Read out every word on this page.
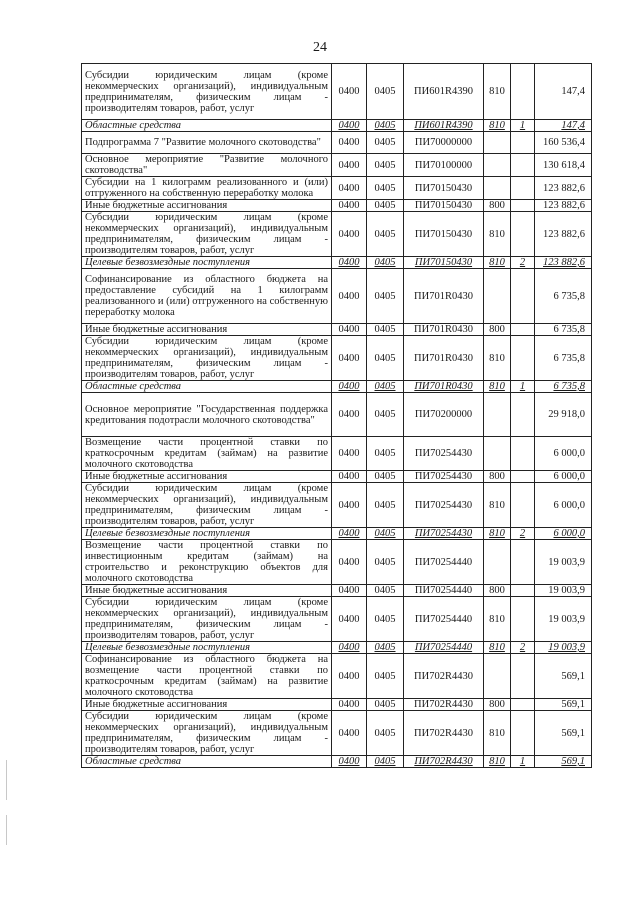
24
Субсидии юридическим лицам (кроме некоммерческих организаций), индивидуальным предпринимателям, физическим лицам - производителям товаров, работ, услуг	0400	0405	ПИ601R4390	810		147,4
Областные средства	0400	0405	ПИ601R4390	810	1	147,4
Подпрограмма 7 "Развитие молочного скотоводства"	0400	0405	ПИ70000000			160 536,4
Основное мероприятие "Развитие молочного скотоводства"	0400	0405	ПИ70100000			130 618,4
Субсидии на 1 килограмм реализованного и (или) отгруженного на собственную переработку молока	0400	0405	ПИ70150430			123 882,6
Иные бюджетные ассигнования	0400	0405	ПИ70150430	800		123 882,6
Субсидии юридическим лицам (кроме некоммерческих организаций), индивидуальным предпринимателям, физическим лицам - производителям товаров, работ, услуг	0400	0405	ПИ70150430	810		123 882,6
Целевые безвозмездные поступления	0400	0405	ПИ70150430	810	2	123 882,6
Софинансирование из областного бюджета на предоставление субсидий на 1 килограмм реализованного и (или) отгруженного на собственную переработку молока	0400	0405	ПИ701R0430			6 735,8
Иные бюджетные ассигнования	0400	0405	ПИ701R0430	800		6 735,8
Субсидии юридическим лицам (кроме некоммерческих организаций), индивидуальным предпринимателям, физическим лицам - производителям товаров, работ, услуг	0400	0405	ПИ701R0430	810		6 735,8
Областные средства	0400	0405	ПИ701R0430	810	1	6 735,8
Основное мероприятие "Государственная поддержка кредитования подотрасли молочного скотоводства"	0400	0405	ПИ70200000			29 918,0
Возмещение части процентной ставки по краткосрочным кредитам (займам) на развитие молочного скотоводства	0400	0405	ПИ70254430			6 000,0
Иные бюджетные ассигнования	0400	0405	ПИ70254430	800		6 000,0
Субсидии юридическим лицам (кроме некоммерческих организаций), индивидуальным предпринимателям, физическим лицам - производителям товаров, работ, услуг	0400	0405	ПИ70254430	810		6 000,0
Целевые безвозмездные поступления	0400	0405	ПИ70254430	810	2	6 000,0
Возмещение части процентной ставки по инвестиционным кредитам (займам) на строительство и реконструкцию объектов для молочного скотоводства	0400	0405	ПИ70254440			19 003,9
Иные бюджетные ассигнования	0400	0405	ПИ70254440	800		19 003,9
Субсидии юридическим лицам (кроме некоммерческих организаций), индивидуальным предпринимателям, физическим лицам - производителям товаров, работ, услуг	0400	0405	ПИ70254440	810		19 003,9
Целевые безвозмездные поступления	0400	0405	ПИ70254440	810	2	19 003,9
Софинансирование из областного бюджета на возмещение части процентной ставки по краткосрочным кредитам (займам) на развитие молочного скотоводства	0400	0405	ПИ702R4430			569,1
Иные бюджетные ассигнования	0400	0405	ПИ702R4430	800		569,1
Субсидии юридическим лицам (кроме некоммерческих организаций), индивидуальным предпринимателям, физическим лицам - производителям товаров, работ, услуг	0400	0405	ПИ702R4430	810		569,1
Областные средства	0400	0405	ПИ702R4430	810	1	569,1
